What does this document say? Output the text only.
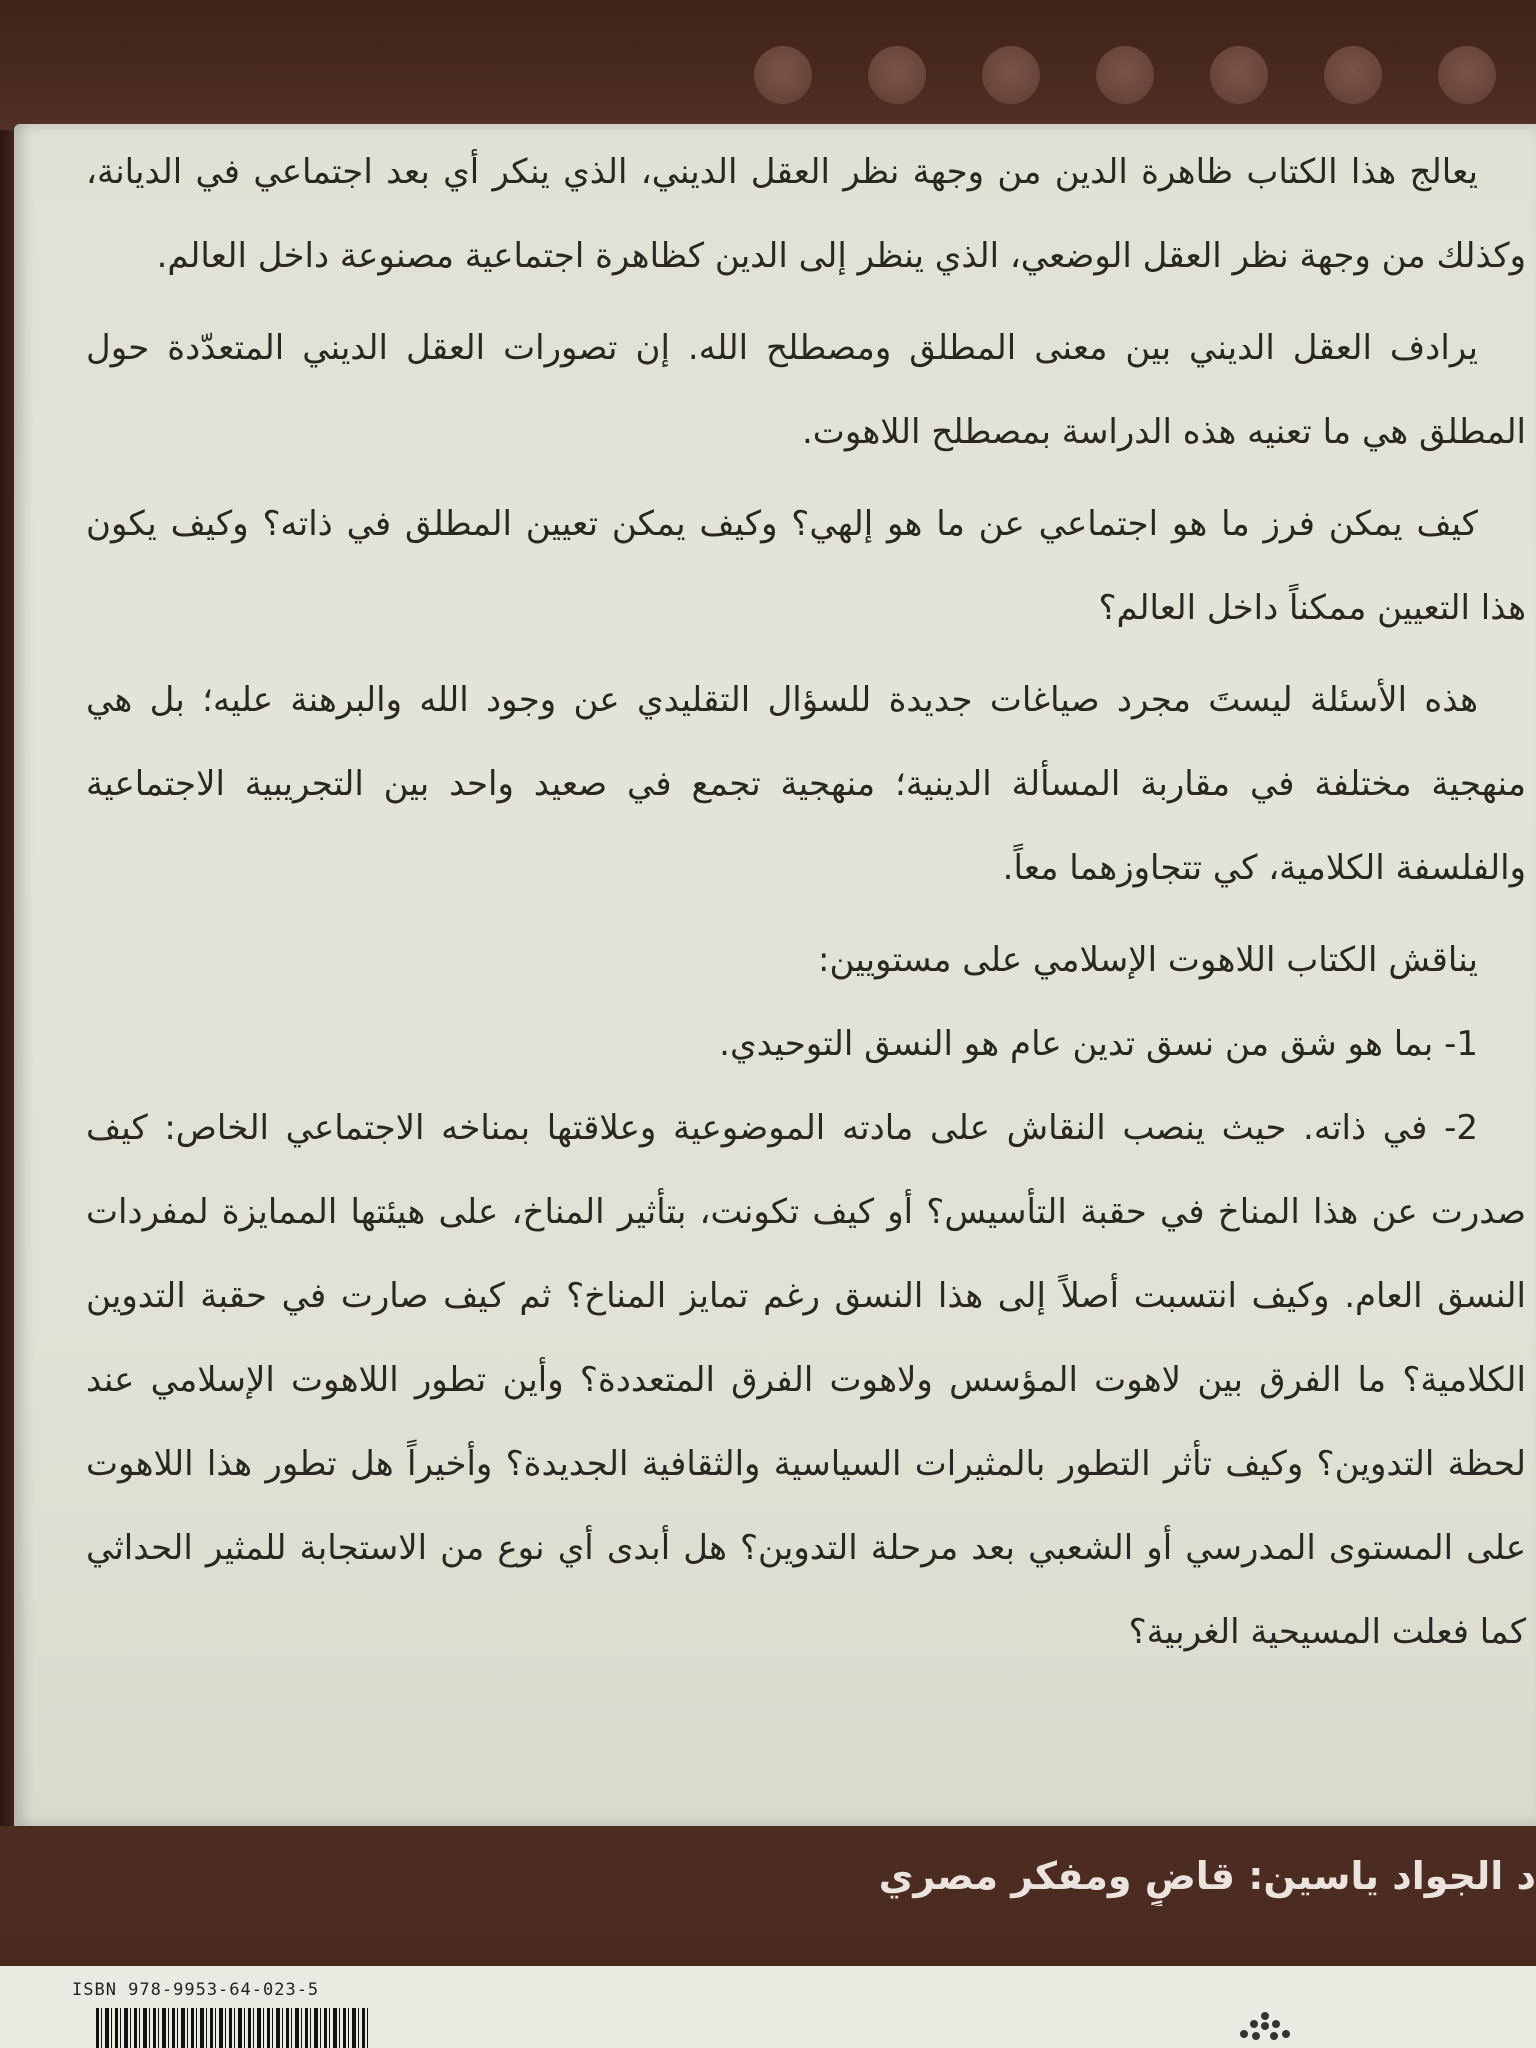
يعالج هذا الكتاب ظاهرة الدين من وجهة نظر العقل الديني، الذي ينكر أي بعد اجتماعي في الديانة، وكذلك من وجهة نظر العقل الوضعي، الذي ينظر إلى الدين كظاهرة اجتماعية مصنوعة داخل العالم.

يرادف العقل الديني بين معنى المطلق ومصطلح الله. إن تصورات العقل الديني المتعدّدة حول المطلق هي ما تعنيه هذه الدراسة بمصطلح اللاهوت.

كيف يمكن فرز ما هو اجتماعي عن ما هو إلهي؟ وكيف يمكن تعيين المطلق في ذاته؟ وكيف يكون هذا التعيين ممكناً داخل العالم؟

هذه الأسئلة ليستَ مجرد صياغات جديدة للسؤال التقليدي عن وجود الله والبرهنة عليه؛ بل هي منهجية مختلفة في مقاربة المسألة الدينية؛ منهجية تجمع في صعيد واحد بين التجريبية الاجتماعية والفلسفة الكلامية، كي تتجاوزهما معاً.

يناقش الكتاب اللاهوت الإسلامي على مستويين:

1- بما هو شق من نسق تدين عام هو النسق التوحيدي.

2- في ذاته. حيث ينصب النقاش على مادته الموضوعية وعلاقتها بمناخه الاجتماعي الخاص: كيف صدرت عن هذا المناخ في حقبة التأسيس؟ أو كيف تكونت، بتأثير المناخ، على هيئتها الممايزة لمفردات النسق العام. وكيف انتسبت أصلاً إلى هذا النسق رغم تمايز المناخ؟ ثم كيف صارت في حقبة التدوين الكلامية؟ ما الفرق بين لاهوت المؤسس ولاهوت الفرق المتعددة؟ وأين تطور اللاهوت الإسلامي عند لحظة التدوين؟ وكيف تأثر التطور بالمثيرات السياسية والثقافية الجديدة؟ وأخيراً هل تطور هذا اللاهوت على المستوى المدرسي أو الشعبي بعد مرحلة التدوين؟ هل أبدى أي نوع من الاستجابة للمثير الحداثي كما فعلت المسيحية الغربية؟

د الجواد ياسين: قاضٍ ومفكر مصري
ISBN 978-9953-64-023-5
